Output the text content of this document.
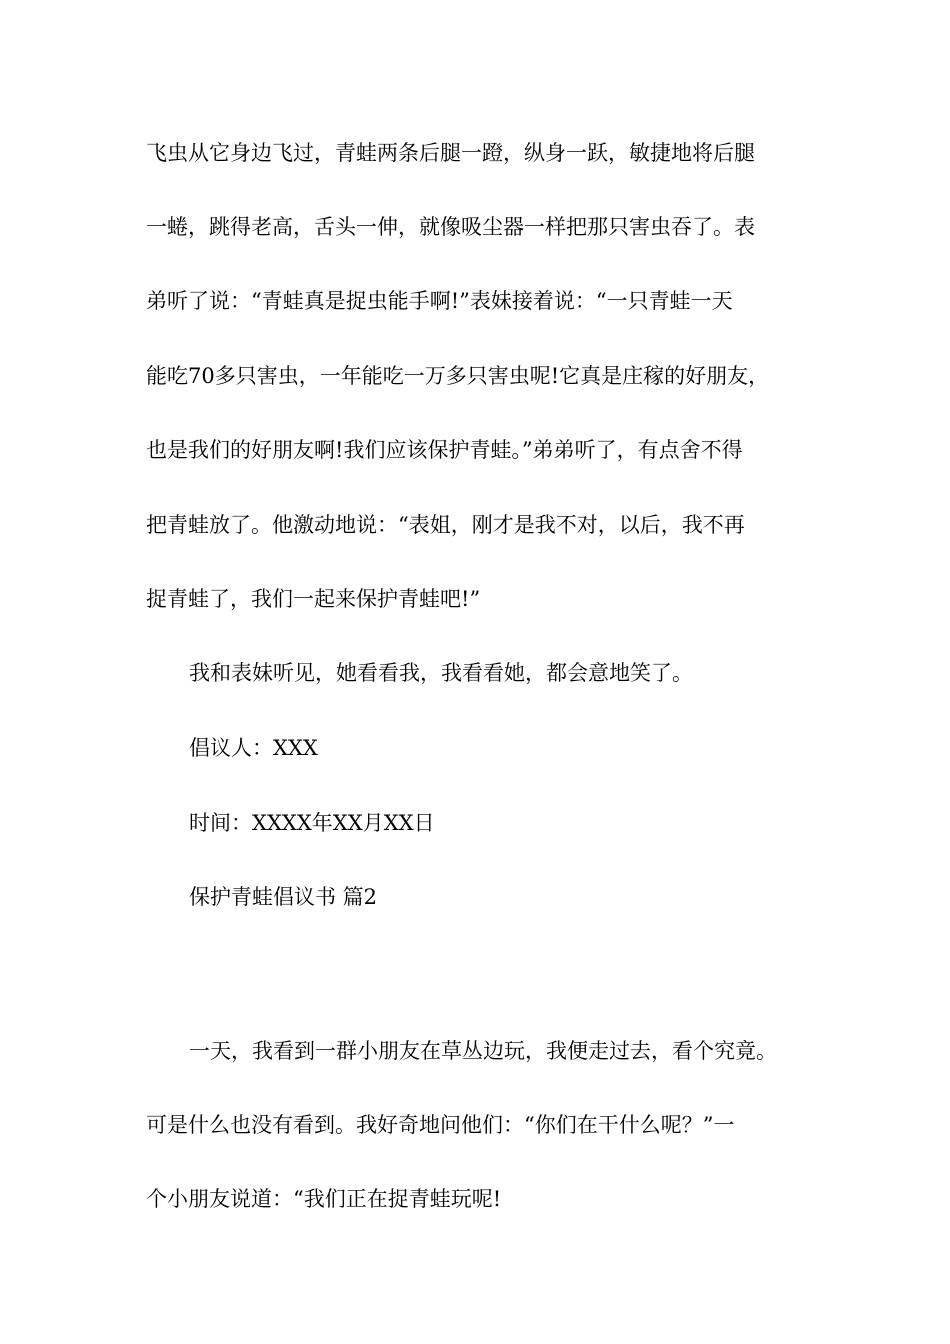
飞虫从它身边飞过，青蛙两条后腿一蹬，纵身一跃，敏捷地将后腿
一蜷，跳得老高，舌头一伸，就像吸尘器一样把那只害虫吞了。表
弟听了说：“青蛙真是捉虫能手啊!”表妹接着说：“一只青蛙一天
能吃70多只害虫，一年能吃一万多只害虫呢!它真是庄稼的好朋友，
也是我们的好朋友啊!我们应该保护青蛙。”弟弟听了，有点舍不得
把青蛙放了。他激动地说：“表姐，刚才是我不对，以后，我不再
捉青蛙了，我们一起来保护青蛙吧!”
我和表妹听见，她看看我，我看看她，都会意地笑了。
倡议人：XXX
时间：XXXX年XX月XX日
保护青蛙倡议书 篇2
一天，我看到一群小朋友在草丛边玩，我便走过去，看个究竟。
可是什么也没有看到。我好奇地问他们：“你们在干什么呢？”一
个小朋友说道：“我们正在捉青蛙玩呢!
